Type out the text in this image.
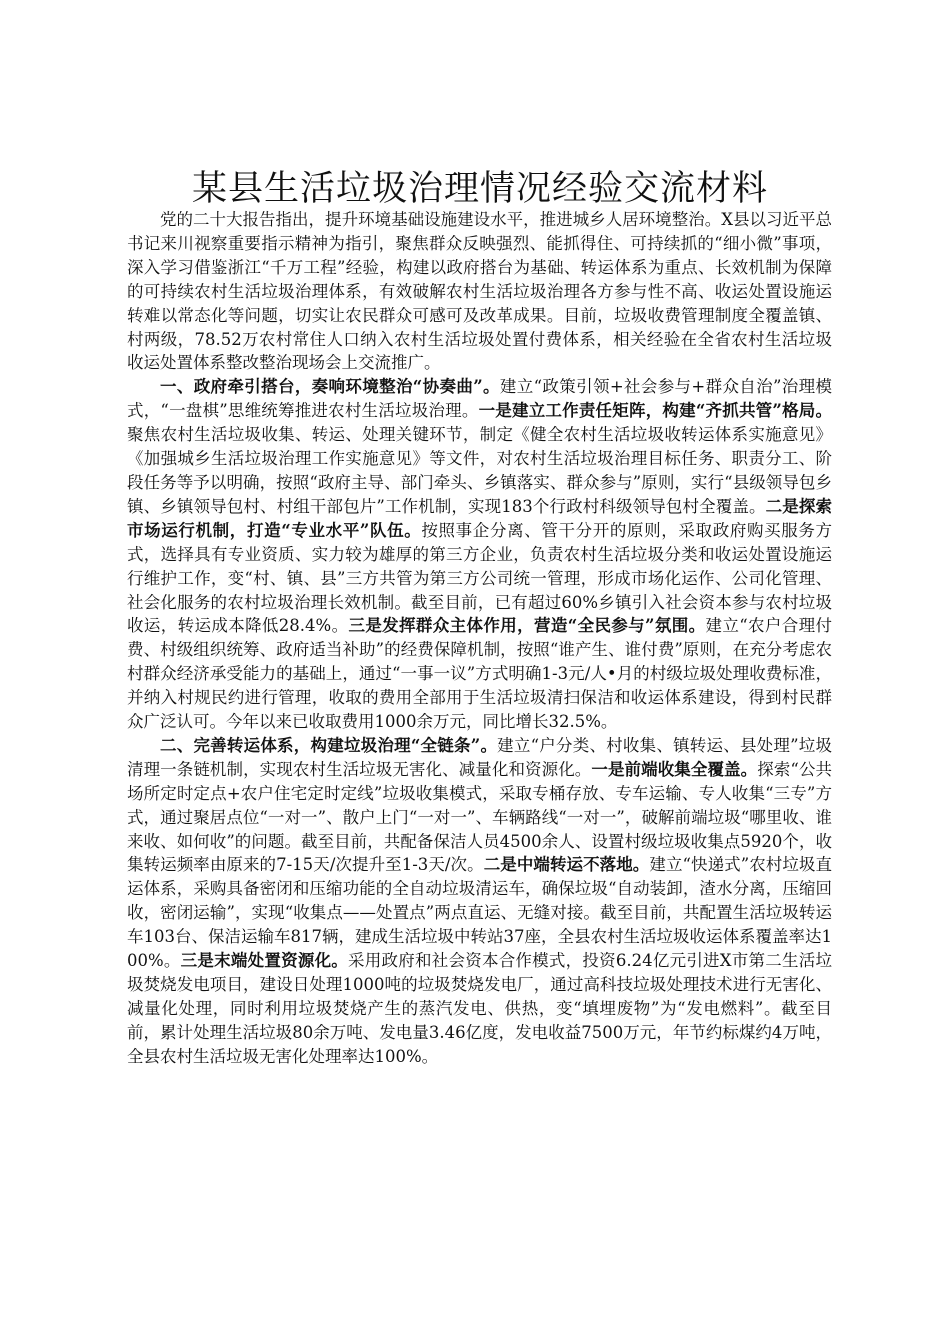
某县生活垃圾治理情况经验交流材料

党的二十大报告指出，提升环境基础设施建设水平，推进城乡人居环境整治。X县以习近平总书记来川视察重要指示精神为指引，聚焦群众反映强烈、能抓得住、可持续抓的“细小微”事项，深入学习借鉴浙江“千万工程”经验，构建以政府搭台为基础、转运体系为重点、长效机制为保障的可持续农村生活垃圾治理体系，有效破解农村生活垃圾治理各方参与性不高、收运处置设施运转难以常态化等问题，切实让农民群众可感可及改革成果。目前，垃圾收费管理制度全覆盖镇、村两级，78.52万农村常住人口纳入农村生活垃圾处置付费体系，相关经验在全省农村生活垃圾收运处置体系整改整治现场会上交流推广。

一、政府牵引搭台，奏响环境整治“协奏曲”。建立“政策引领+社会参与+群众自治”治理模式，“一盘棋”思维统筹推进农村生活垃圾治理。一是建立工作责任矩阵，构建“齐抓共管”格局。聚焦农村生活垃圾收集、转运、处理关键环节，制定《健全农村生活垃圾收转运体系实施意见》《加强城乡生活垃圾治理工作实施意见》等文件，对农村生活垃圾治理目标任务、职责分工、阶段任务等予以明确，按照“政府主导、部门牵头、乡镇落实、群众参与”原则，实行“县级领导包乡镇、乡镇领导包村、村组干部包片”工作机制，实现183个行政村科级领导包村全覆盖。二是探索市场运行机制，打造“专业水平”队伍。按照事企分离、管干分开的原则，采取政府购买服务方式，选择具有专业资质、实力较为雄厚的第三方企业，负责农村生活垃圾分类和收运处置设施运行维护工作，变“村、镇、县”三方共管为第三方公司统一管理，形成市场化运作、公司化管理、社会化服务的农村垃圾治理长效机制。截至目前，已有超过60%乡镇引入社会资本参与农村垃圾收运，转运成本降低28.4%。三是发挥群众主体作用，营造“全民参与”氛围。建立“农户合理付费、村级组织统筹、政府适当补助”的经费保障机制，按照“谁产生、谁付费”原则，在充分考虑农村群众经济承受能力的基础上，通过“一事一议”方式明确1-3元/人•月的村级垃圾处理收费标准，并纳入村规民约进行管理，收取的费用全部用于生活垃圾清扫保洁和收运体系建设，得到村民群众广泛认可。今年以来已收取费用1000余万元，同比增长32.5%。

二、完善转运体系，构建垃圾治理“全链条”。建立“户分类、村收集、镇转运、县处理”垃圾清理一条链机制，实现农村生活垃圾无害化、减量化和资源化。一是前端收集全覆盖。探索“公共场所定时定点+农户住宅定时定线”垃圾收集模式，采取专桶存放、专车运输、专人收集“三专”方式，通过聚居点位“一对一”、散户上门“一对一”、车辆路线“一对一”，破解前端垃圾“哪里收、谁来收、如何收”的问题。截至目前，共配备保洁人员4500余人、设置村级垃圾收集点5920个，收集转运频率由原来的7-15天/次提升至1-3天/次。二是中端转运不落地。建立“快递式”农村垃圾直运体系，采购具备密闭和压缩功能的全自动垃圾清运车，确保垃圾“自动装卸，渣水分离，压缩回收，密闭运输”，实现“收集点——处置点”两点直运、无缝对接。截至目前，共配置生活垃圾转运车103台、保洁运输车817辆，建成生活垃圾中转站37座，全县农村生活垃圾收运体系覆盖率达100%。三是末端处置资源化。采用政府和社会资本合作模式，投资6.24亿元引进X市第二生活垃圾焚烧发电项目，建设日处理1000吨的垃圾焚烧发电厂，通过高科技垃圾处理技术进行无害化、减量化处理，同时利用垃圾焚烧产生的蒸汽发电、供热，变“填埋废物”为“发电燃料”。截至目前，累计处理生活垃圾80余万吨、发电量3.46亿度，发电收益7500万元，年节约标煤约4万吨，全县农村生活垃圾无害化处理率达100%。
